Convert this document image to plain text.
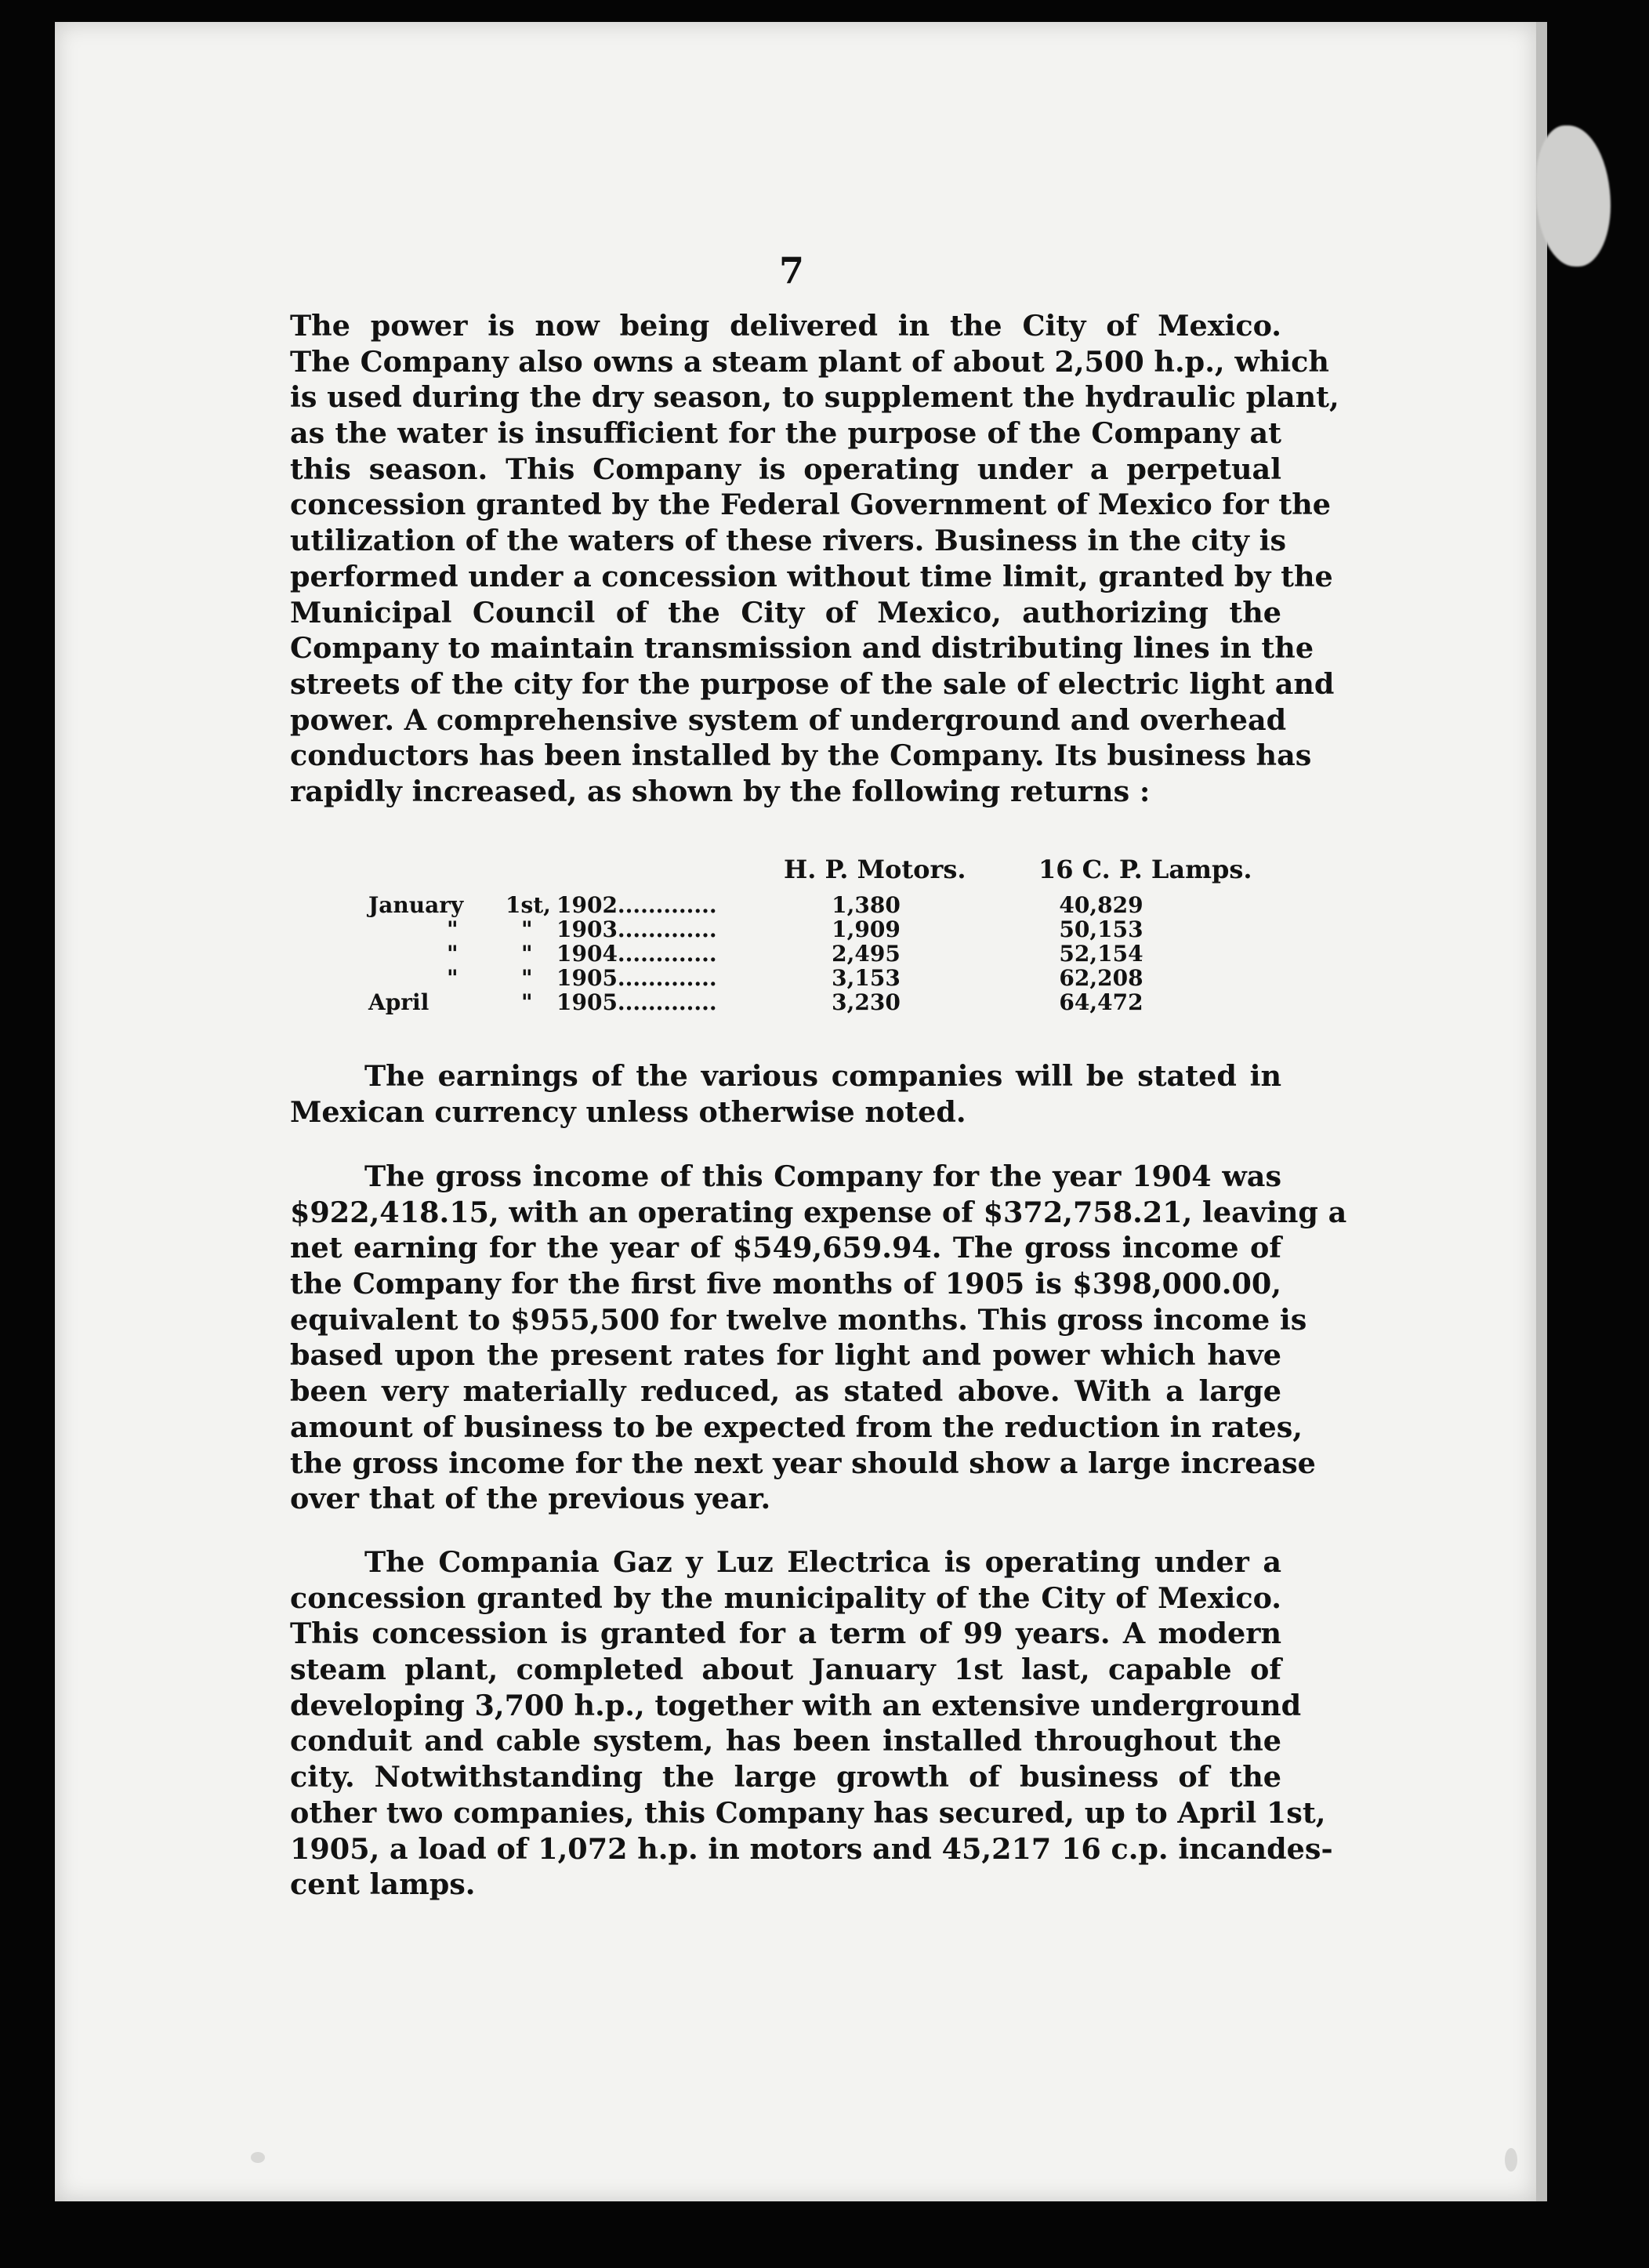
7
The power is now being delivered in the City of Mexico.
The Company also owns a steam plant of about 2,500 h.p., which
is used during the dry season, to supplement the hydraulic plant,
as the water is insufficient for the purpose of the Company at
this season. This Company is operating under a perpetual
concession granted by the Federal Government of Mexico for the
utilization of the waters of these rivers. Business in the city is
performed under a concession without time limit, granted by the
Municipal Council of the City of Mexico, authorizing the
Company to maintain transmission and distributing lines in the
streets of the city for the purpose of the sale of electric light and
power. A comprehensive system of underground and overhead
conductors has been installed by the Company. Its business has
rapidly increased, as shown by the following returns :
H. P. Motors.	16 C. P. Lamps.
January	1st, 1902.............	1,380	40,829
"	"	1903.............	1,909	50,153
"	"	1904.............	2,495	52,154
"	"	1905.............	3,153	62,208
April	"	1905.............	3,230	64,472
The earnings of the various companies will be stated in
Mexican currency unless otherwise noted.
The gross income of this Company for the year 1904 was
$922,418.15, with an operating expense of $372,758.21, leaving a
net earning for the year of $549,659.94. The gross income of
the Company for the first five months of 1905 is $398,000.00,
equivalent to $955,500 for twelve months. This gross income is
based upon the present rates for light and power which have
been very materially reduced, as stated above. With a large
amount of business to be expected from the reduction in rates,
the gross income for the next year should show a large increase
over that of the previous year.
The Compania Gaz y Luz Electrica is operating under a
concession granted by the municipality of the City of Mexico.
This concession is granted for a term of 99 years. A modern
steam plant, completed about January 1st last, capable of
developing 3,700 h.p., together with an extensive underground
conduit and cable system, has been installed throughout the
city. Notwithstanding the large growth of business of the
other two companies, this Company has secured, up to April 1st,
1905, a load of 1,072 h.p. in motors and 45,217 16 c.p. incandes-
cent lamps.
